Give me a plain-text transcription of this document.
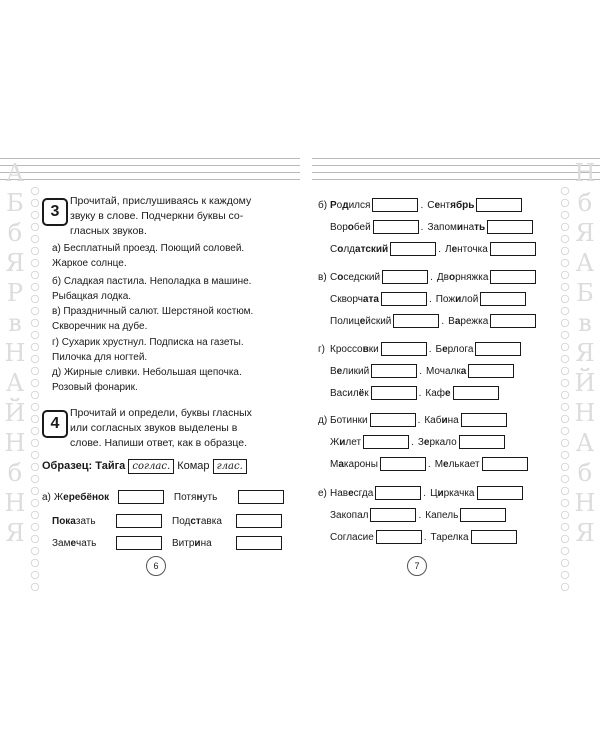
А
Б
б
Я
Р
в
Н
А
Й
Н
б
Н
Я
3
Прочитай, прислушиваясь к каждому
звуку в слове. Подчеркни буквы со-
гласных звуков.
а) Бесплатный проезд. Поющий соловей.
Жаркое солнце.
б) Сладкая пастила. Неполадка в машине.
Рыбацкая лодка.
в) Праздничный салют. Шерстяной костюм.
Скворечник на дубе.
г) Сухарик хрустнул. Подписка на газеты.
Пилочка для ногтей.
д) Жирные сливки. Небольшая щепочка.
Розовый фонарик.
4
Прочитай и определи, буквы гласных
или согласных звуков выделены в
слове. Напиши ответ, как в образце.
Образец: Тайга соглас. Комар глас.
а) Жеребёнок	Потянуть
Показать	Подставка
Замечать	Витрина
6
Н
б
Я
А
Б
в
Я
Й
Н
А
б
Н
Я
б) Родился	. Сентябрь
Воробей	. Запоминать
Солдатский	. Ленточка
в) Соседский	. Дворняжка
Скворчата	. Пожилой
Полицейский	. Варежка
г) Кроссовки	. Берлога
Великий	. Мочалка
Василёк	. Кафе
д) Ботинки	. Кабина
Жилет	. Зеркало
Макароны	. Мелькает
е) Навесгда	. Циркачка
Закопал	. Капель
Согласие	. Тарелка
7
